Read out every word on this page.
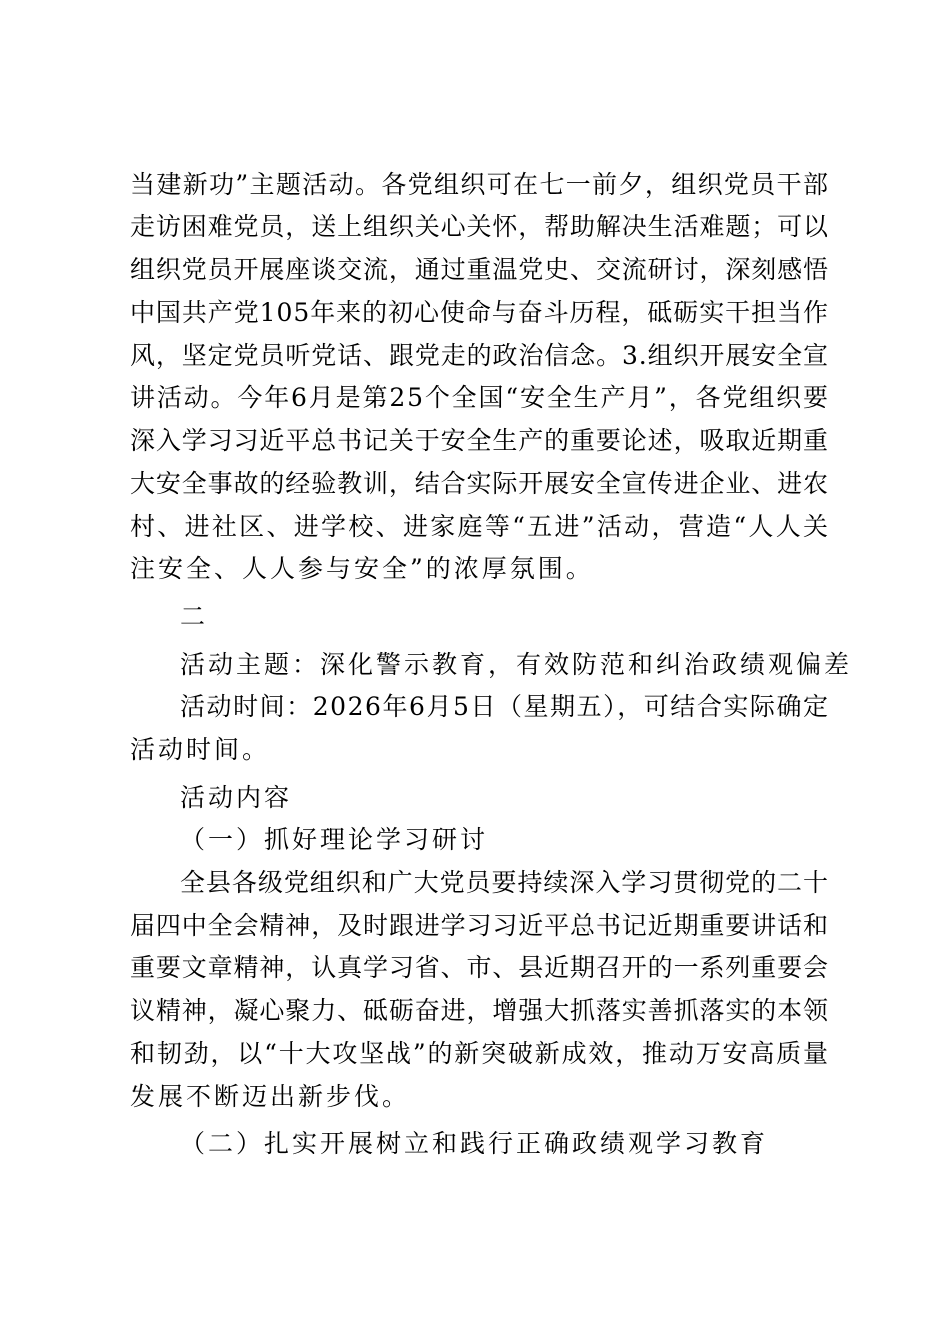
当建新功”主题活动。各党组织可在七一前夕，组织党员干部
走访困难党员，送上组织关心关怀，帮助解决生活难题；可以
组织党员开展座谈交流，通过重温党史、交流研讨，深刻感悟
中国共产党105年来的初心使命与奋斗历程，砥砺实干担当作
风，坚定党员听党话、跟党走的政治信念。3.组织开展安全宣
讲活动。今年6月是第25个全国“安全生产月”，各党组织要
深入学习习近平总书记关于安全生产的重要论述，吸取近期重
大安全事故的经验教训，结合实际开展安全宣传进企业、进农
村、进社区、进学校、进家庭等“五进”活动，营造“人人关
注安全、人人参与安全”的浓厚氛围。
二
活动主题：深化警示教育，有效防范和纠治政绩观偏差
活动时间：2026年6月5日（星期五），可结合实际确定
活动时间。
活动内容
（一）抓好理论学习研讨
全县各级党组织和广大党员要持续深入学习贯彻党的二十
届四中全会精神，及时跟进学习习近平总书记近期重要讲话和
重要文章精神，认真学习省、市、县近期召开的一系列重要会
议精神，凝心聚力、砥砺奋进，增强大抓落实善抓落实的本领
和韧劲，以“十大攻坚战”的新突破新成效，推动万安高质量
发展不断迈出新步伐。
（二）扎实开展树立和践行正确政绩观学习教育
